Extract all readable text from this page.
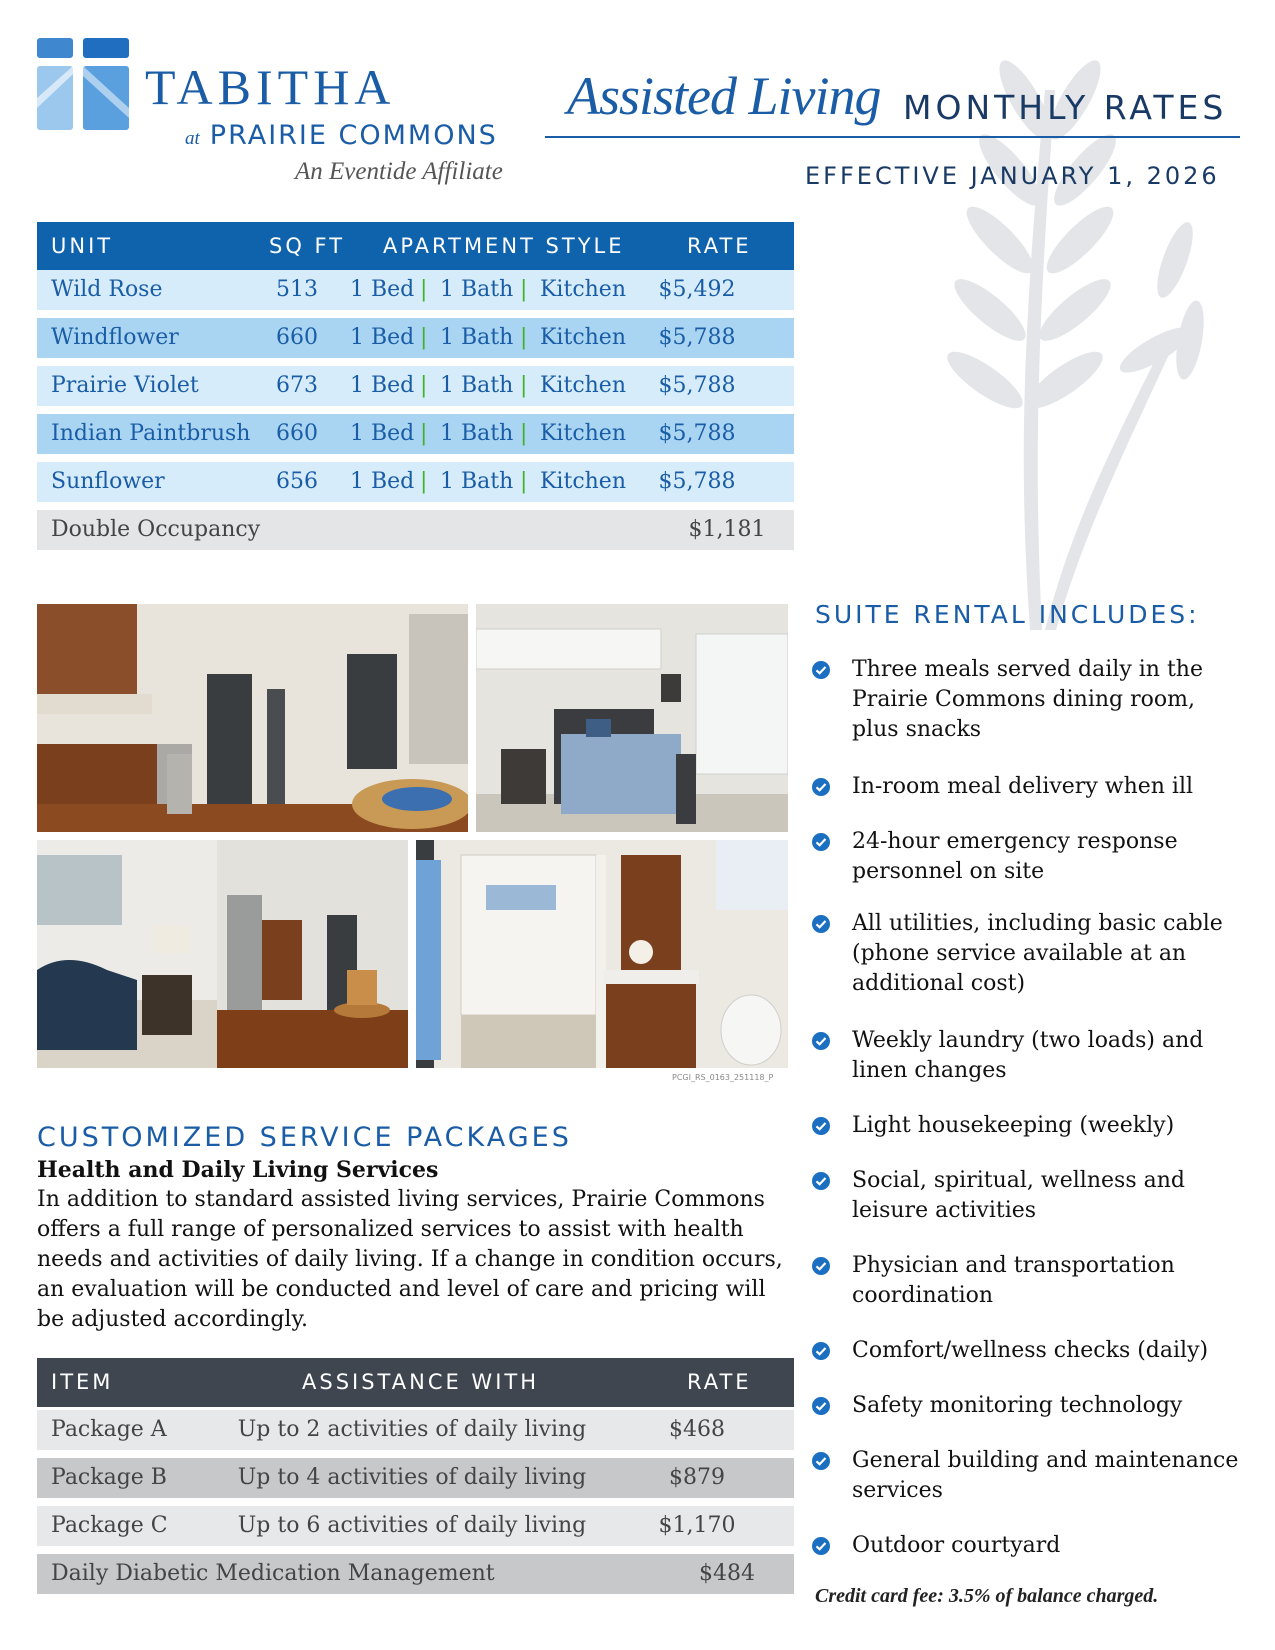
TABITHA
at PRAIRIE COMMONS
An Eventide Affiliate
Assisted Living MONTHLY RATES
EFFECTIVE JANUARY 1, 2026
UNIT	SQ FT APARTMENT STYLE	RATE
Wild Rose	513	1 Bed | 1 Bath | Kitchen	$5,492
Windflower	660	1 Bed | 1 Bath | Kitchen	$5,788
Prairie Violet	673	1 Bed | 1 Bath | Kitchen	$5,788
Indian Paintbrush	660	1 Bed | 1 Bath | Kitchen	$5,788
Sunflower	656	1 Bed | 1 Bath | Kitchen	$5,788
Double Occupancy	$1,181
PCGI_RS_0163_251118_P
CUSTOMIZED SERVICE PACKAGES
Health and Daily Living Services
In addition to standard assisted living services, Prairie Commons offers a full range of personalized services to assist with health needs and activities of daily living. If a change in condition occurs, an evaluation will be conducted and level of care and pricing will be adjusted accordingly.
ITEM	ASSISTANCE WITH	RATE
Package A	Up to 2 activities of daily living	$468
Package B	Up to 4 activities of daily living	$879
Package C	Up to 6 activities of daily living	$1,170
Daily Diabetic Medication Management	$484
SUITE RENTAL INCLUDES:
Three meals served daily in the
Prairie Commons dining room,
plus snacks
In-room meal delivery when ill
24-hour emergency response
personnel on site
All utilities, including basic cable
(phone service available at an
additional cost)
Weekly laundry (two loads) and
linen changes
Light housekeeping (weekly)
Social, spiritual, wellness and
leisure activities
Physician and transportation
coordination
Comfort/wellness checks (daily)
Safety monitoring technology
General building and maintenance
services
Outdoor courtyard
Credit card fee: 3.5% of balance charged.
